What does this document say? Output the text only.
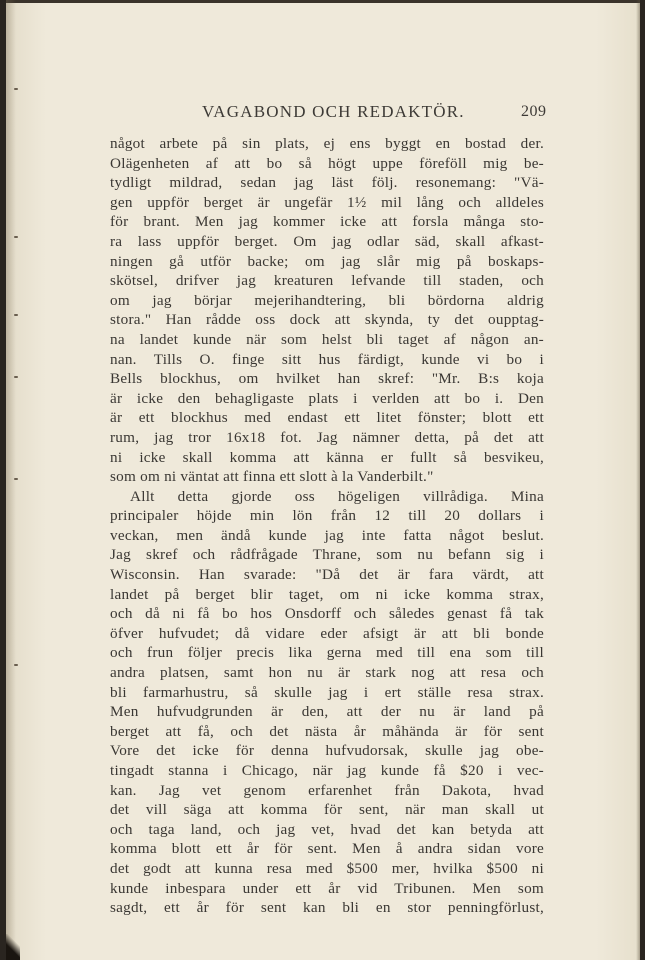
VAGABOND OCH REDAKTÖR.	209
något arbete på sin plats, ej ens byggt en bostad der.
Olägenheten af att bo så högt uppe föreföll mig be-
tydligt mildrad, sedan jag läst följ. resonemang: "Vä-
gen uppför berget är ungefär 1½ mil lång och alldeles
för brant. Men jag kommer icke att forsla många sto-
ra lass uppför berget. Om jag odlar säd, skall afkast-
ningen gå utför backe; om jag slår mig på boskaps-
skötsel, drifver jag kreaturen lefvande till staden, och
om jag börjar mejerihandtering, bli bördorna aldrig
stora." Han rådde oss dock att skynda, ty det oupptag-
na landet kunde när som helst bli taget af någon an-
nan. Tills O. finge sitt hus färdigt, kunde vi bo i
Bells blockhus, om hvilket han skref: "Mr. B:s koja
är icke den behagligaste plats i verlden att bo i. Den
är ett blockhus med endast ett litet fönster; blott ett
rum, jag tror 16x18 fot. Jag nämner detta, på det att
ni icke skall komma att känna er fullt så besvikeu,
som om ni väntat att finna ett slott à la Vanderbilt."
Allt detta gjorde oss högeligen villrådiga. Mina
principaler höjde min lön från 12 till 20 dollars i
veckan, men ändå kunde jag inte fatta något beslut.
Jag skref och rådfrågade Thrane, som nu befann sig i
Wisconsin. Han svarade: "Då det är fara värdt, att
landet på berget blir taget, om ni icke komma strax,
och då ni få bo hos Onsdorff och således genast få tak
öfver hufvudet; då vidare eder afsigt är att bli bonde
och frun följer precis lika gerna med till ena som till
andra platsen, samt hon nu är stark nog att resa och
bli farmarhustru, så skulle jag i ert ställe resa strax.
Men hufvudgrunden är den, att der nu är land på
berget att få, och det nästa år måhända är för sent
Vore det icke för denna hufvudorsak, skulle jag obe-
tingadt stanna i Chicago, när jag kunde få $20 i vec-
kan. Jag vet genom erfarenhet från Dakota, hvad
det vill säga att komma för sent, när man skall ut
och taga land, och jag vet, hvad det kan betyda att
komma blott ett år för sent. Men å andra sidan vore
det godt att kunna resa med $500 mer, hvilka $500 ni
kunde inbespara under ett år vid Tribunen. Men som
sagdt, ett år för sent kan bli en stor penningförlust,
